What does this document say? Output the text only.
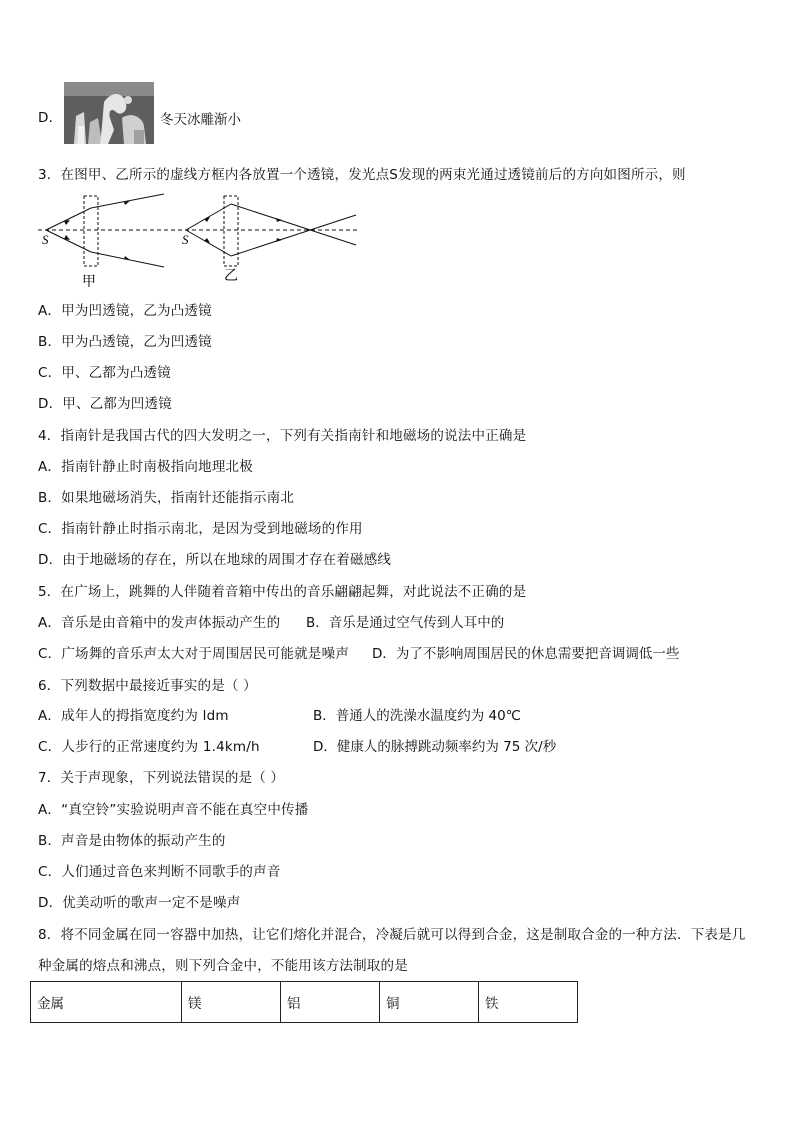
D．	冬天冰雕渐小
3．在图甲、乙所示的虚线方框内各放置一个透镜，发光点S发现的两束光通过透镜前后的方向如图所示，则
S	S
甲	乙
A．甲为凹透镜，乙为凸透镜
B．甲为凸透镜，乙为凹透镜
C．甲、乙都为凸透镜
D．甲、乙都为凹透镜
4．指南针是我国古代的四大发明之一，下列有关指南针和地磁场的说法中正确是
A．指南针静止时南极指向地理北极
B．如果地磁场消失，指南针还能指示南北
C．指南针静止时指示南北，是因为受到地磁场的作用
D．由于地磁场的存在，所以在地球的周围才存在着磁感线
5．在广场上，跳舞的人伴随着音箱中传出的音乐翩翩起舞，对此说法不正确的是
A．音乐是由音箱中的发声体振动产生的 B．音乐是通过空气传到人耳中的
C．广场舞的音乐声太大对于周围居民可能就是噪声 D．为了不影响周围居民的休息需要把音调调低一些
6．下列数据中最接近事实的是（ ）
A．成年人的拇指宽度约为 ldm	B．普通人的洗澡水温度约为 40℃
C．人步行的正常速度约为 1.4km/h	D．健康人的脉搏跳动频率约为 75 次/秒
7．关于声现象，下列说法错误的是（ ）
A．“真空铃”实验说明声音不能在真空中传播
B．声音是由物体的振动产生的
C．人们通过音色来判断不同歌手的声音
D．优美动听的歌声一定不是噪声
8．将不同金属在同一容器中加热，让它们熔化并混合，冷凝后就可以得到合金，这是制取合金的一种方法．下表是几
种金属的熔点和沸点，则下列合金中，不能用该方法制取的是
金属	镁	铝	铜	铁
